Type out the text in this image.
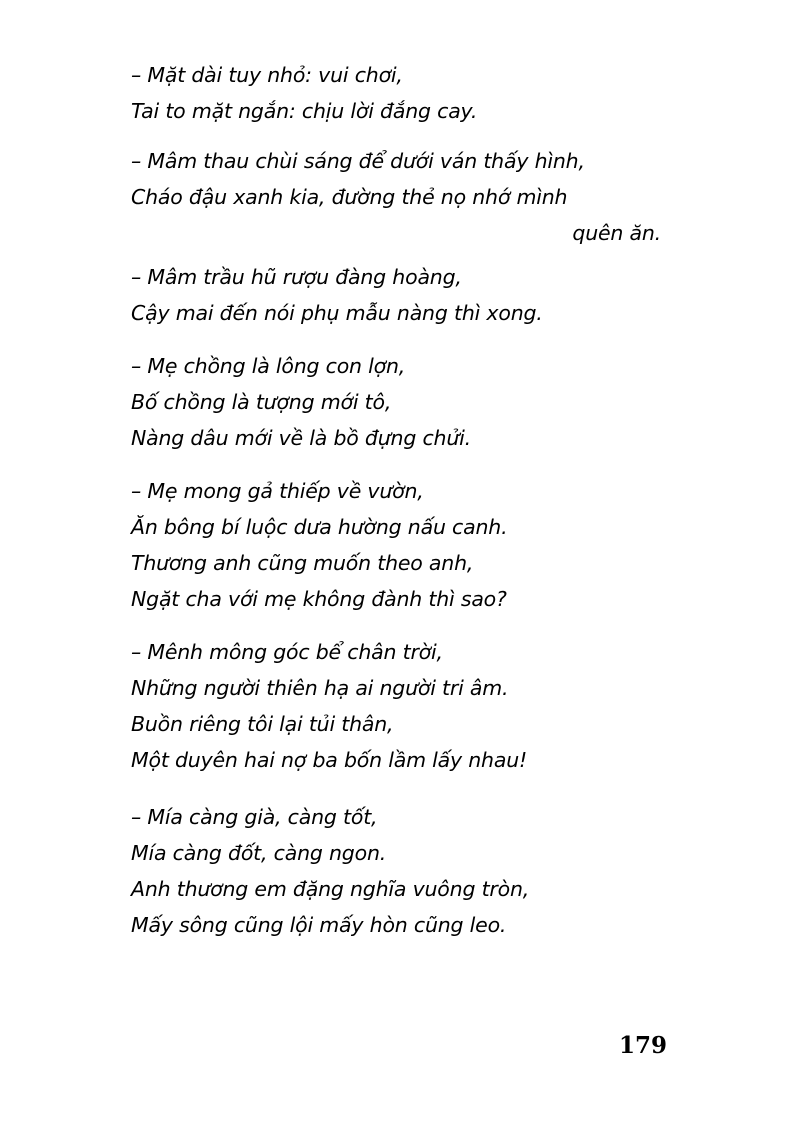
– Mặt dài tuy nhỏ: vui chơi,
Tai to mặt ngắn: chịu lời đắng cay.
– Mâm thau chùi sáng để dưới ván thấy hình,
Cháo đậu xanh kia, đường thẻ nọ nhớ mình
quên ăn.
– Mâm trầu hũ rượu đàng hoàng,
Cậy mai đến nói phụ mẫu nàng thì xong.
– Mẹ chồng là lông con lợn,
Bố chồng là tượng mới tô,
Nàng dâu mới về là bồ đựng chửi.
– Mẹ mong gả thiếp về vườn,
Ăn bông bí luộc dưa hường nấu canh.
Thương anh cũng muốn theo anh,
Ngặt cha với mẹ không đành thì sao?
– Mênh mông góc bể chân trời,
Những người thiên hạ ai người tri âm.
Buồn riêng tôi lại tủi thân,
Một duyên hai nợ ba bốn lầm lấy nhau!
– Mía càng già, càng tốt,
Mía càng đốt, càng ngon.
Anh thương em đặng nghĩa vuông tròn,
Mấy sông cũng lội mấy hòn cũng leo.
179
